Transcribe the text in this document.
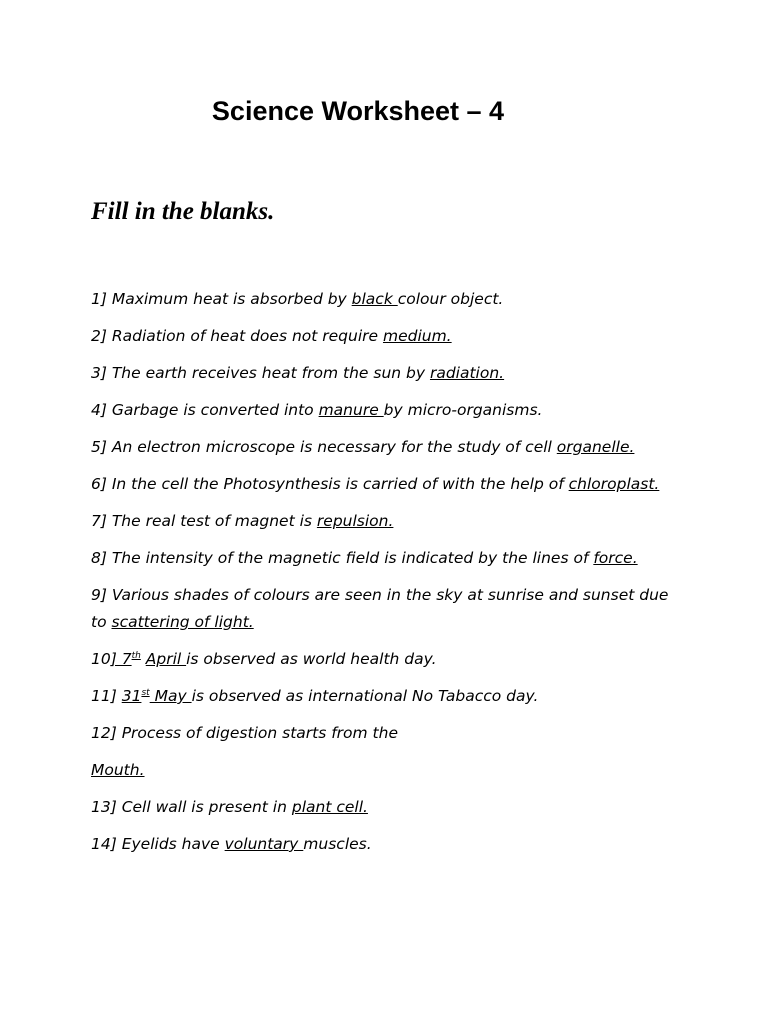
Science Worksheet – 4
Fill in the blanks.

1] Maximum heat is absorbed by black colour object.

2] Radiation of heat does not require medium.

3] The earth receives heat from the sun by radiation.

4] Garbage is converted into manure by micro-organisms.

5] An electron microscope is necessary for the study of cell organelle.

6] In the cell the Photosynthesis is carried of with the help of chloroplast.

7] The real test of magnet is repulsion.

8] The intensity of the magnetic field is indicated by the lines of force.

9] Various shades of colours are seen in the sky at sunrise and sunset due to scattering of light.

10] 7th April is observed as world health day.

11] 31st May is observed as international No Tabacco day.

12] Process of digestion starts from the

Mouth.

13] Cell wall is present in plant cell.

14] Eyelids have voluntary muscles.
